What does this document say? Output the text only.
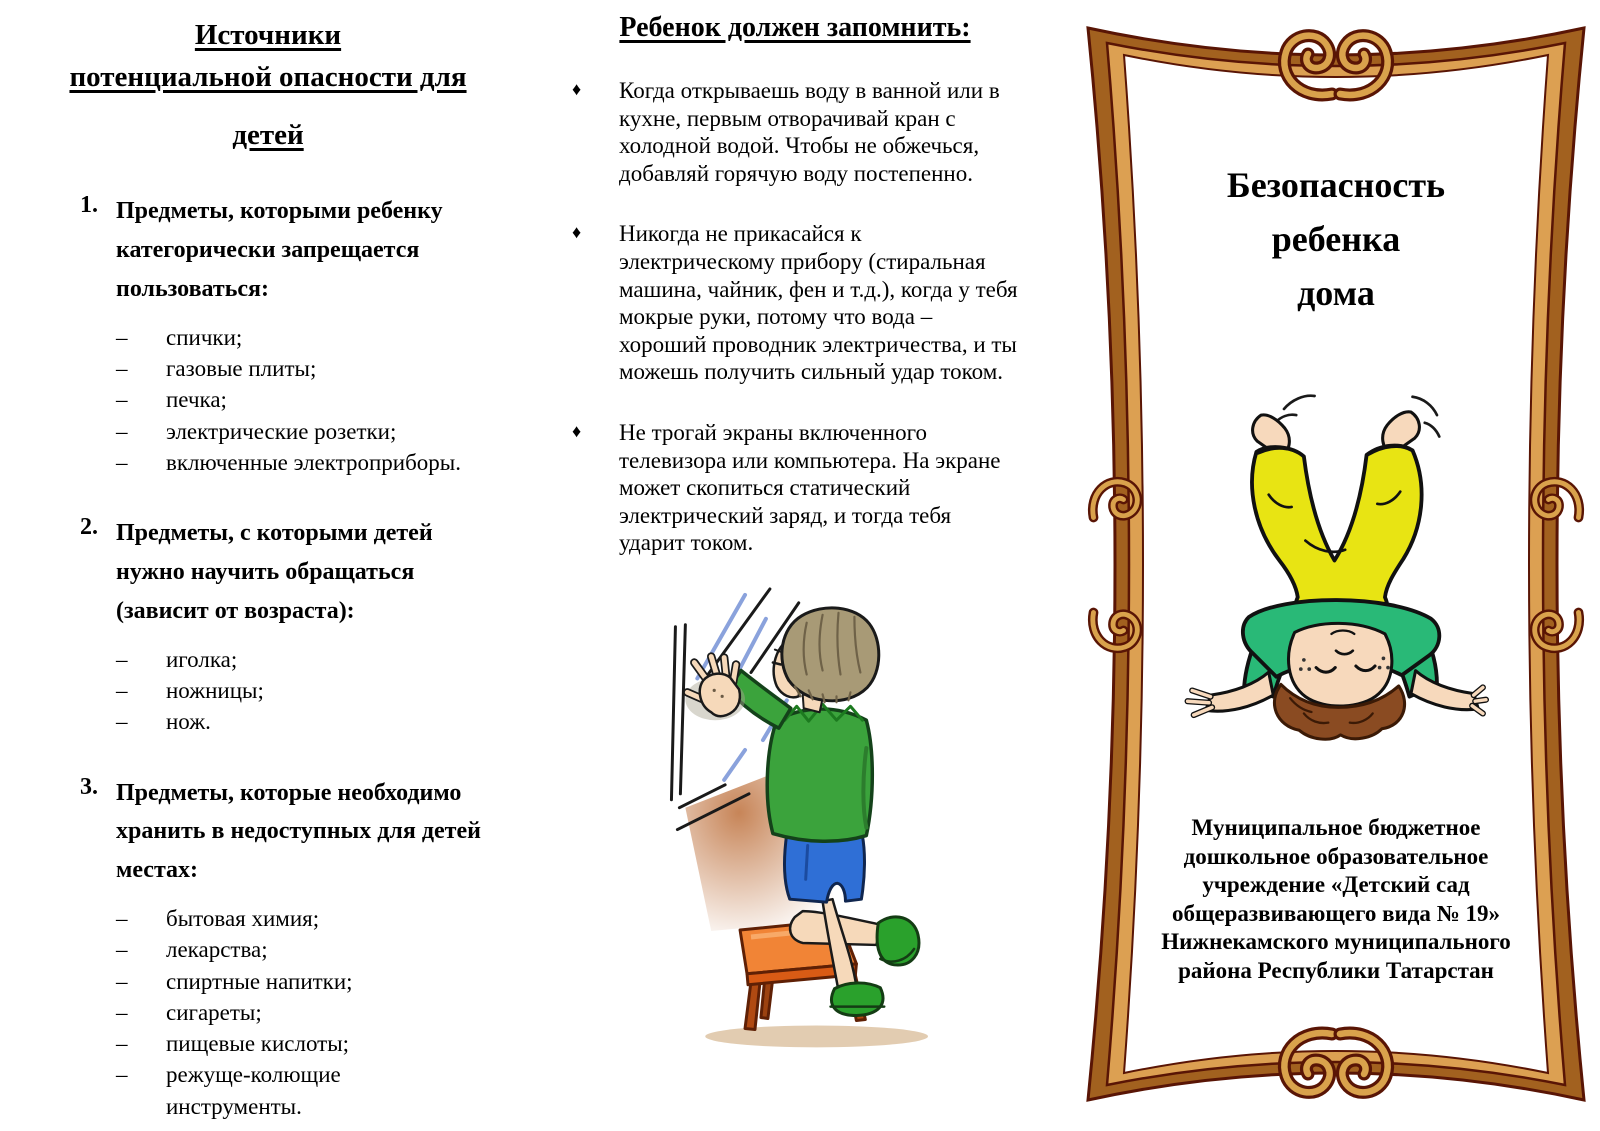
Источники
потенциальной опасности для
детей
1. Предметы, которыми ребенку
категорически запрещается
пользоваться:
–	спички;
–	газовые плиты;
–	печка;
–	электрические розетки;
–	включенные электроприборы.
2. Предметы, с которыми детей
нужно научить обращаться
(зависит от возраста):
–	иголка;
–	ножницы;
–	нож.
3. Предметы, которые необходимо
хранить в недоступных для детей
местах:
–	бытовая химия;
–	лекарства;
–	спиртные напитки;
–	сигареты;
–	пищевые кислоты;
–	режуще-колющие инструменты.
Ребенок должен запомнить:
♦	Когда открываешь воду в ванной или в кухне, первым отворачивай кран с холодной водой. Чтобы не обжечься, добавляй горячую воду постепенно.
♦	Никогда не прикасайся к электрическому прибору (стиральная машина, чайник, фен и т.д.), когда у тебя мокрые руки, потому что вода – хороший проводник электричества, и ты можешь получить сильный удар током.
♦	Не трогай экраны включенного телевизора или компьютера. На экране может скопиться статический электрический заряд, и тогда тебя ударит током.
Безопасность
ребенка
дома
Муниципальное бюджетное
дошкольное образовательное
учреждение «Детский сад
общеразвивающего вида № 19»
Нижнекамского муниципального
района Республики Татарстан
